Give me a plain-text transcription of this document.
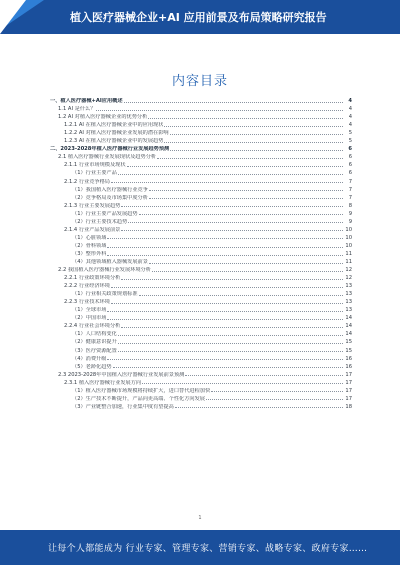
植入医疗器械企业+AI 应用前景及布局策略研究报告
内容目录
一、植入医疗器械+AI应用概述	4
1.1 AI 是什么？	4
1.2 AI 对植入医疗器械企业的优势分析	4
1.2.1 AI 在植入医疗器械企业中的应用现状	4
1.2.2 AI 对植入医疗器械企业发展的潜在影响	5
1.2.3 AI 在植入医疗器械企业中的发展趋势	5
二、2023-2028年植入医疗器械行业发展趋势预测	6
2.1 植入医疗器械行业发展现状及趋势分析	6
2.1.1 行业市场规模及现状	6
（1）行业主要产品	6
2.1.2 行业竞争格局	7
（1）我国植入医疗器械行业竞争	7
（2）竞争格局及市场集中度分析	7
2.1.3 行业主要发展趋势	8
（1）行业主要产品发展趋势	9
（2）行业主要技术趋势	9
2.1.4 行业产品发展前景	10
（1）心脏领域	10
（2）骨科领域	10
（3）整形外科	11
（4）其他领域植入器械发展前景	11
2.2 我国植入医疗器械行业发展环境分析	12
2.2.1 行业政策环境分析	12
2.2.2 行业经济环境	13
（1）行业相关政策规划标准	13
2.2.3 行业技术环境	13
（1）全球市场	13
（2）中国市场	14
2.2.4 行业社会环境分析	14
（1）人口结构变化	14
（2）健康意识提升	15
（3）医疗资源配置	15
（4）消费升级	16
（5）老龄化趋势	16
2.3 2023-2028年中国植入医疗器械行业发展前景预测	17
2.3.1 植入医疗器械行业发展方向	17
（1）植入医疗器械市场规模将持续扩大，进口替代进程加快	17
（2）生产技术不断提升，产品向更高端、个性化方向发展	17
（3）产业链整合加速，行业集中度有望提高	18
1
让每个人都能成为 行业专家、管理专家、营销专家、战略专家、政府专家……
